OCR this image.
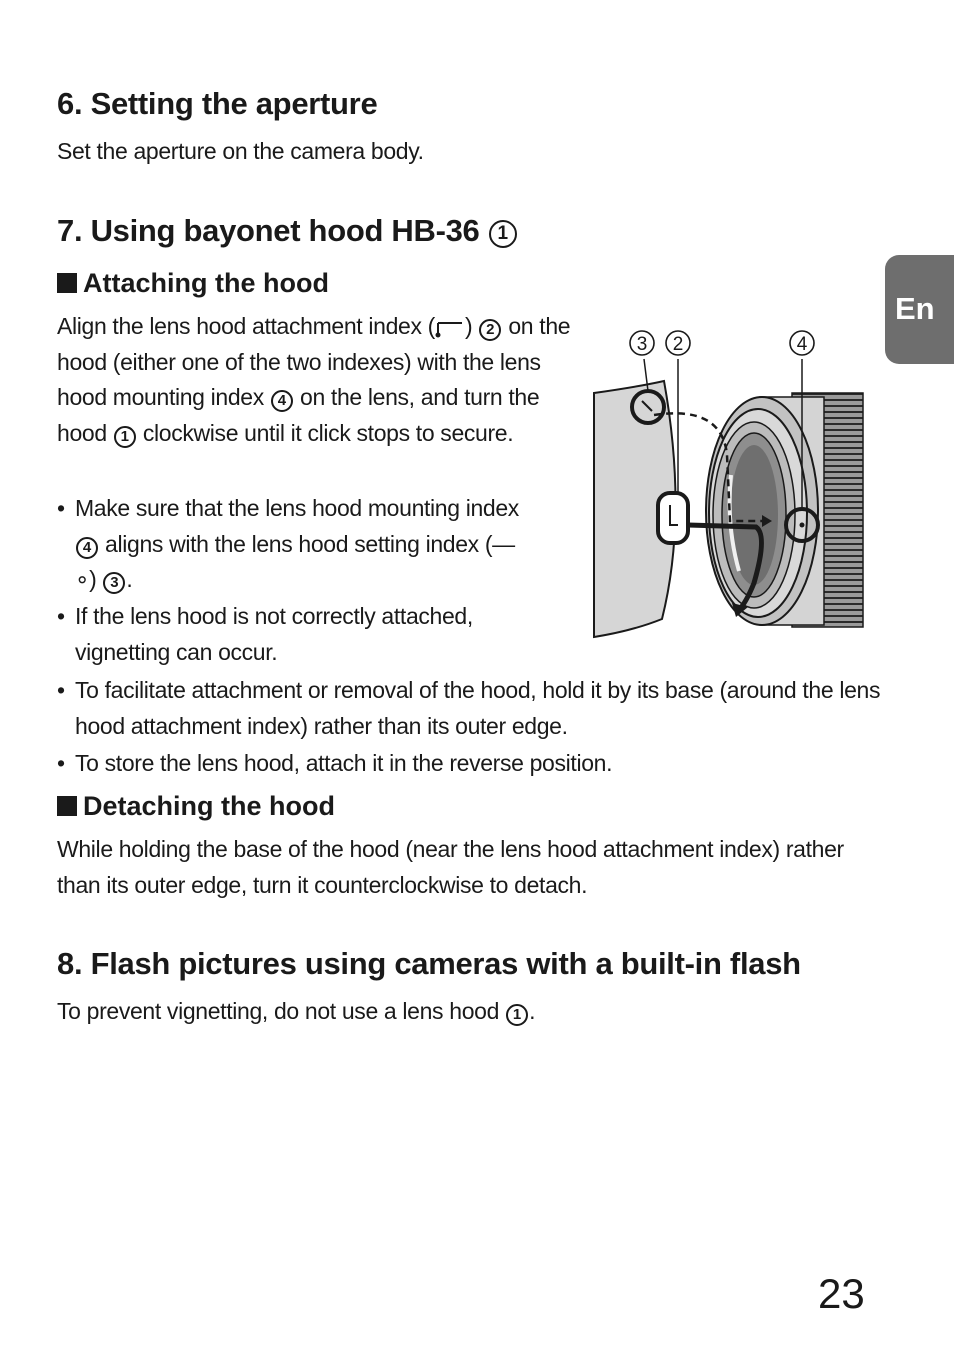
En
6. Setting the aperture

Set the aperture on the camera body.

7. Using bayonet hood HB-36 1
Attaching the hood

Align the lens hood attachment index ( ) 2 on the hood (either one of the two indexes) with the lens hood mounting index 4 on the lens, and turn the hood 1 clockwise until it click stops to secure.

• Make sure that the lens hood mounting index 4 aligns with the lens hood setting index (—∘) 3 .
• If the lens hood is not correctly attached, vignetting can occur.
• To facilitate attachment or removal of the hood, hold it by its base (around the lens hood attachment index) rather than its outer edge.
• To store the lens hood, attach it in the reverse position.
Detaching the hood

While holding the base of the hood (near the lens hood attachment index) rather than its outer edge, turn it counterclockwise to detach.

8. Flash pictures using cameras with a built-in flash

To prevent vignetting, do not use a lens hood 1 .

3 2	4
23
